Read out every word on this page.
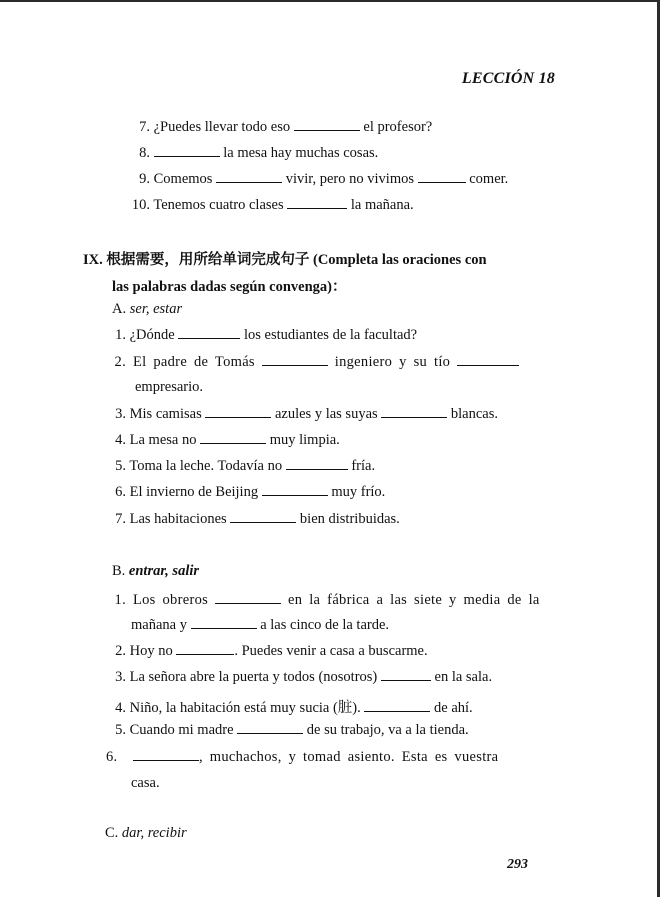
LECCIÓN 18
7. ¿Puedes llevar todo eso	el profesor?
8.	la mesa hay muchas cosas.
9. Comemos	vivir, pero no vivimos	comer.
10. Tenemos cuatro clases	la mañana.
IX. 根据需要，用所给单词完成句子 (Completa las oraciones con
las palabras dadas según convenga)：
A. ser, estar
1. ¿Dónde	los estudiantes de la facultad?
2. El padre de Tomás	ingeniero y su tío
empresario.
3. Mis camisas	azules y las suyas	blancas.
4. La mesa no	muy limpia.
5. Toma la leche. Todavía no	fría.
6. El invierno de Beijing	muy frío.
7. Las habitaciones	bien distribuidas.
B. entrar, salir
1. Los obreros	en la fábrica a las siete y media de la
mañana y	a las cinco de la tarde.
2. Hoy no	. Puedes venir a casa a buscarme.
3. La señora abre la puerta y todos (nosotros)	en la sala.
4. Niño, la habitación está muy sucia (脏).	de ahí.
5. Cuando mi madre	de su trabajo, va a la tienda.
6.	, muchachos, y tomad asiento. Esta es vuestra
casa.
C. dar, recibir
293
